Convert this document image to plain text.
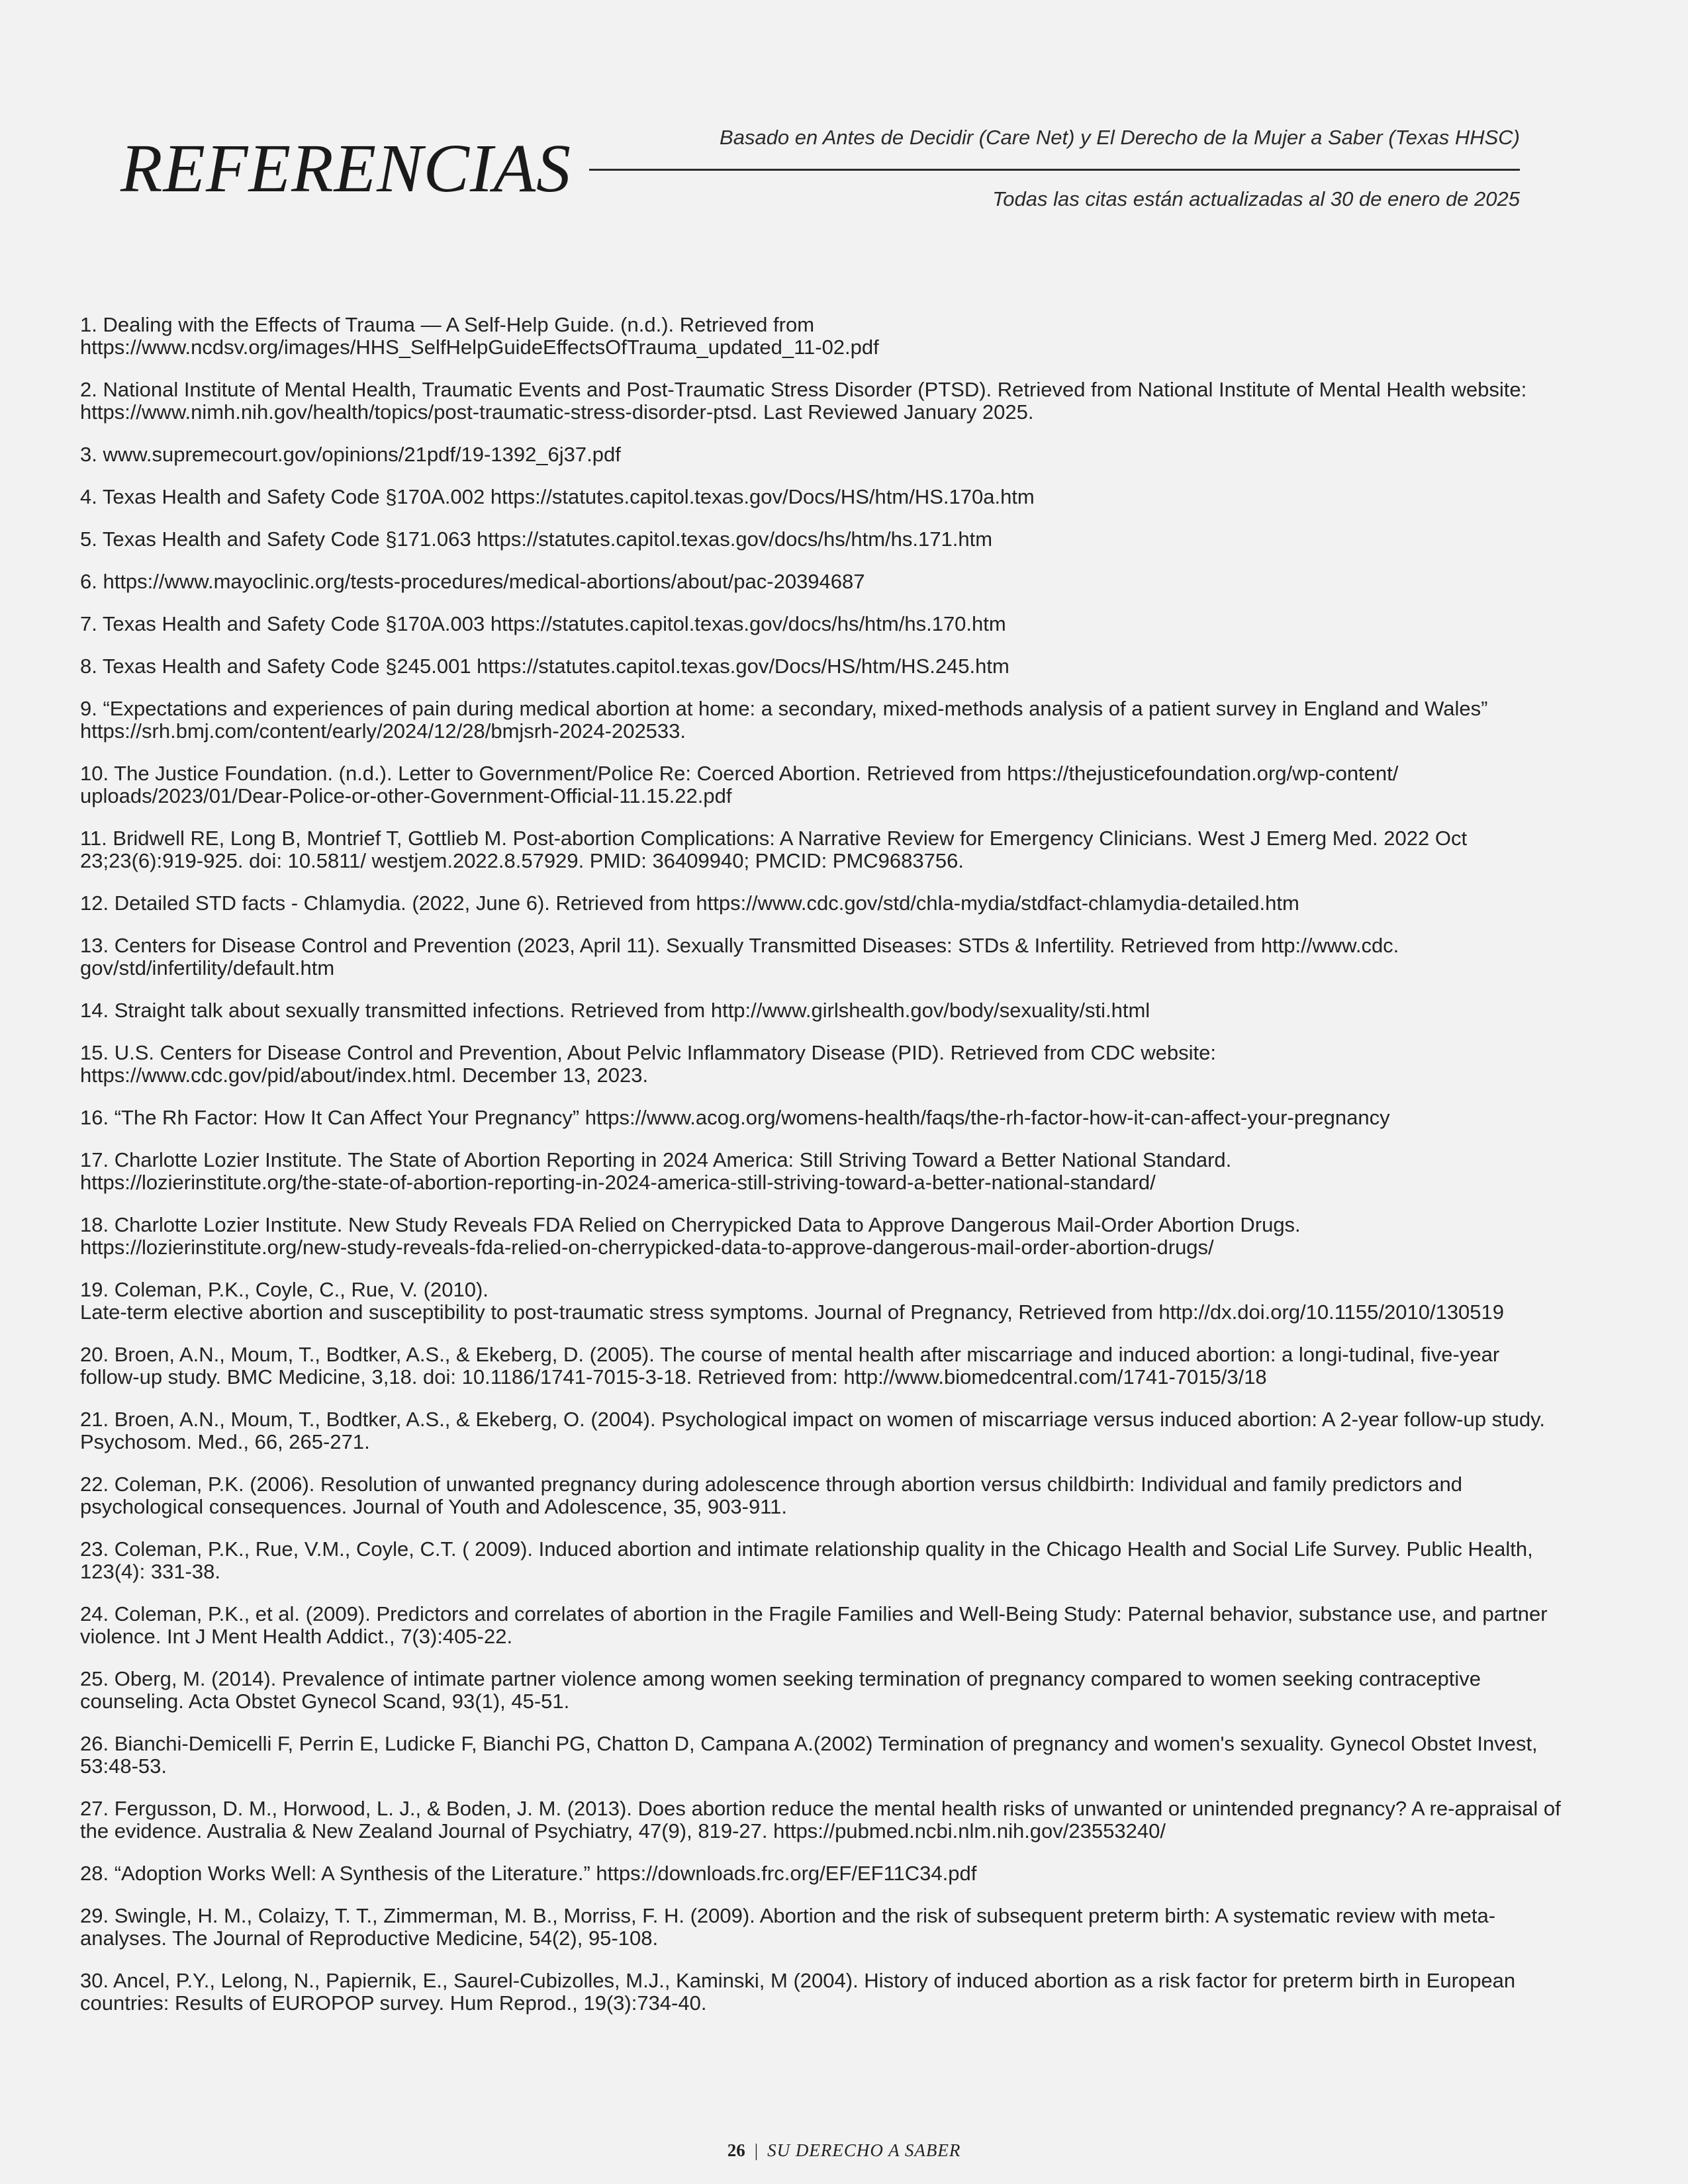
REFERENCIAS	Basado en Antes de Decidir (Care Net) y El Derecho de la Mujer a Saber (Texas HHSC)
Todas las citas están actualizadas al 30 de enero de 2025
1. Dealing with the Effects of Trauma — A Self-Help Guide. (n.d.). Retrieved from
https://www.ncdsv.org/images/HHS_SelfHelpGuideEffectsOfTrauma_updated_11-02.pdf
2. National Institute of Mental Health, Traumatic Events and Post-Traumatic Stress Disorder (PTSD). Retrieved from National Institute of Mental Health website:
https://www.nimh.nih.gov/health/topics/post-traumatic-stress-disorder-ptsd. Last Reviewed January 2025.
3. www.supremecourt.gov/opinions/21pdf/19-1392_6j37.pdf
4. Texas Health and Safety Code §170A.002 https://statutes.capitol.texas.gov/Docs/HS/htm/HS.170a.htm
5. Texas Health and Safety Code §171.063 https://statutes.capitol.texas.gov/docs/hs/htm/hs.171.htm
6. https://www.mayoclinic.org/tests-procedures/medical-abortions/about/pac-20394687
7. Texas Health and Safety Code §170A.003 https://statutes.capitol.texas.gov/docs/hs/htm/hs.170.htm
8. Texas Health and Safety Code §245.001 https://statutes.capitol.texas.gov/Docs/HS/htm/HS.245.htm
9. “Expectations and experiences of pain during medical abortion at home: a secondary, mixed-methods analysis of a patient survey in England and Wales”
https://srh.bmj.com/content/early/2024/12/28/bmjsrh-2024-202533.
10. The Justice Foundation. (n.d.). Letter to Government/Police Re: Coerced Abortion. Retrieved from https://thejusticefoundation.org/wp-content/
uploads/2023/01/Dear-Police-or-other-Government-Official-11.15.22.pdf
11. Bridwell RE, Long B, Montrief T, Gottlieb M. Post-abortion Complications: A Narrative Review for Emergency Clinicians. West J Emerg Med. 2022 Oct
23;23(6):919-925. doi: 10.5811/ westjem.2022.8.57929. PMID: 36409940; PMCID: PMC9683756.
12. Detailed STD facts - Chlamydia. (2022, June 6). Retrieved from https://www.cdc.gov/std/chla-mydia/stdfact-chlamydia-detailed.htm
13. Centers for Disease Control and Prevention (2023, April 11). Sexually Transmitted Diseases: STDs & Infertility. Retrieved from http://www.cdc.
gov/std/infertility/default.htm
14. Straight talk about sexually transmitted infections. Retrieved from http://www.girlshealth.gov/body/sexuality/sti.html
15. U.S. Centers for Disease Control and Prevention, About Pelvic Inflammatory Disease (PID). Retrieved from CDC website:
https://www.cdc.gov/pid/about/index.html. December 13, 2023.
16. “The Rh Factor: How It Can Affect Your Pregnancy” https://www.acog.org/womens-health/faqs/the-rh-factor-how-it-can-affect-your-pregnancy
17. Charlotte Lozier Institute. The State of Abortion Reporting in 2024 America: Still Striving Toward a Better National Standard.
https://lozierinstitute.org/the-state-of-abortion-reporting-in-2024-america-still-striving-toward-a-better-national-standard/
18. Charlotte Lozier Institute. New Study Reveals FDA Relied on Cherrypicked Data to Approve Dangerous Mail-Order Abortion Drugs.
https://lozierinstitute.org/new-study-reveals-fda-relied-on-cherrypicked-data-to-approve-dangerous-mail-order-abortion-drugs/
19. Coleman, P.K., Coyle, C., Rue, V. (2010).
Late-term elective abortion and susceptibility to post-traumatic stress symptoms. Journal of Pregnancy, Retrieved from http://dx.doi.org/10.1155/2010/130519
20. Broen, A.N., Moum, T., Bodtker, A.S., & Ekeberg, D. (2005). The course of mental health after miscarriage and induced abortion: a longi-tudinal, five-year
follow-up study. BMC Medicine, 3,18. doi: 10.1186/1741-7015-3-18. Retrieved from: http://www.biomedcentral.com/1741-7015/3/18
21. Broen, A.N., Moum, T., Bodtker, A.S., & Ekeberg, O. (2004). Psychological impact on women of miscarriage versus induced abortion: A 2-year follow-up study.
Psychosom. Med., 66, 265-271.
22. Coleman, P.K. (2006). Resolution of unwanted pregnancy during adolescence through abortion versus childbirth: Individual and family predictors and
psychological consequences. Journal of Youth and Adolescence, 35, 903-911.
23. Coleman, P.K., Rue, V.M., Coyle, C.T. ( 2009). Induced abortion and intimate relationship quality in the Chicago Health and Social Life Survey. Public Health,
123(4): 331-38.
24. Coleman, P.K., et al. (2009). Predictors and correlates of abortion in the Fragile Families and Well-Being Study: Paternal behavior, substance use, and partner
violence. Int J Ment Health Addict., 7(3):405-22.
25. Oberg, M. (2014). Prevalence of intimate partner violence among women seeking termination of pregnancy compared to women seeking contraceptive
counseling. Acta Obstet Gynecol Scand, 93(1), 45-51.
26. Bianchi-Demicelli F, Perrin E, Ludicke F, Bianchi PG, Chatton D, Campana A.(2002) Termination of pregnancy and women's sexuality. Gynecol Obstet Invest,
53:48-53.
27. Fergusson, D. M., Horwood, L. J., & Boden, J. M. (2013). Does abortion reduce the mental health risks of unwanted or unintended pregnancy? A re-appraisal of
the evidence. Australia & New Zealand Journal of Psychiatry, 47(9), 819-27. https://pubmed.ncbi.nlm.nih.gov/23553240/
28. “Adoption Works Well: A Synthesis of the Literature.” https://downloads.frc.org/EF/EF11C34.pdf
29. Swingle, H. M., Colaizy, T. T., Zimmerman, M. B., Morriss, F. H. (2009). Abortion and the risk of subsequent preterm birth: A systematic review with meta-
analyses. The Journal of Reproductive Medicine, 54(2), 95-108.
30. Ancel, P.Y., Lelong, N., Papiernik, E., Saurel-Cubizolles, M.J., Kaminski, M (2004). History of induced abortion as a risk factor for preterm birth in European
countries: Results of EUROPOP survey. Hum Reprod., 19(3):734-40.
26 | SU DERECHO A SABER
